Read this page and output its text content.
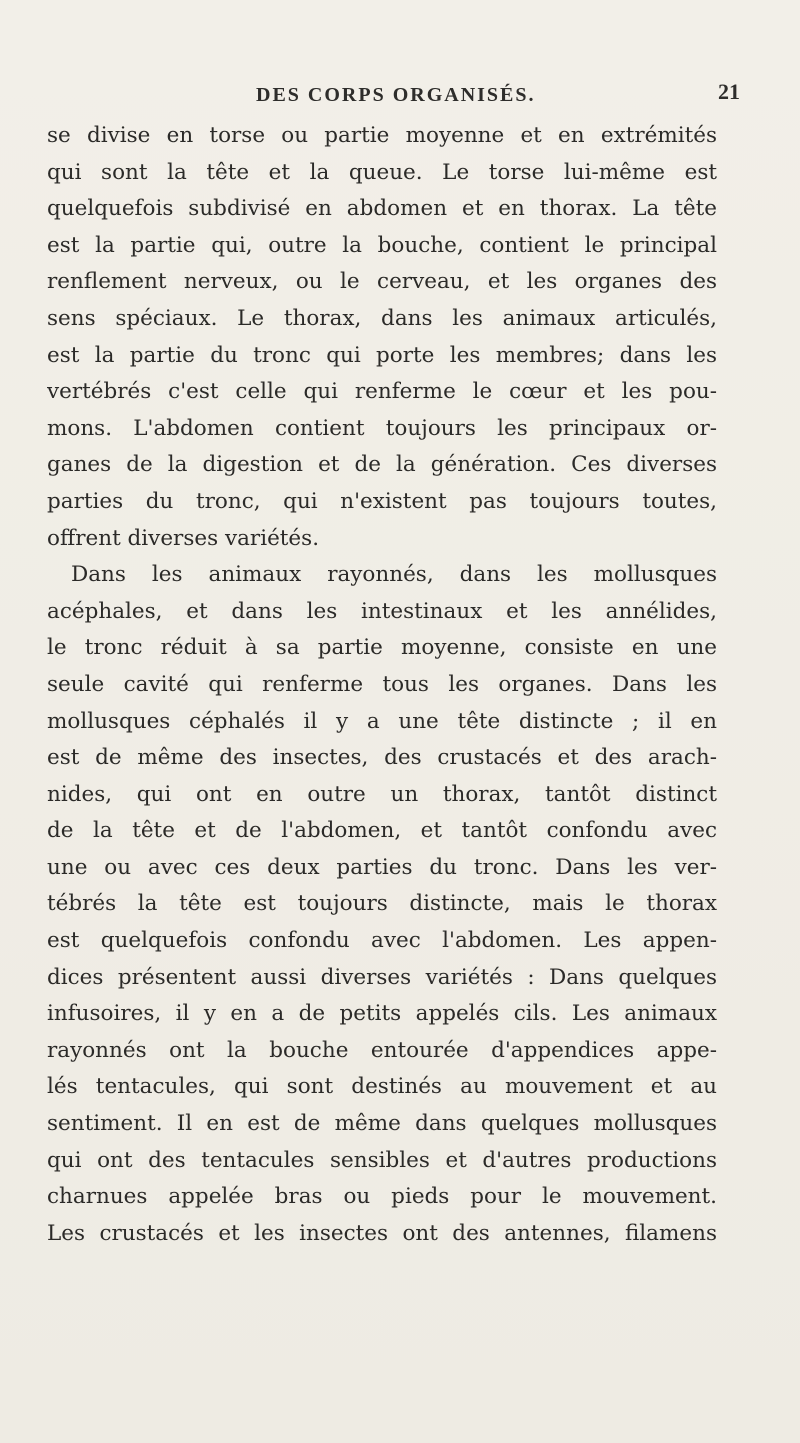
DES CORPS ORGANISÉS.	21
se divise en torse ou partie moyenne et en extrémités
qui sont la tête et la queue. Le torse lui-même est
quelquefois subdivisé en abdomen et en thorax. La tête
est la partie qui, outre la bouche, contient le principal
renflement nerveux, ou le cerveau, et les organes des
sens spéciaux. Le thorax, dans les animaux articulés,
est la partie du tronc qui porte les membres; dans les
vertébrés c'est celle qui renferme le cœur et les pou-
mons. L'abdomen contient toujours les principaux or-
ganes de la digestion et de la génération. Ces diverses
parties du tronc, qui n'existent pas toujours toutes,
offrent diverses variétés.
Dans les animaux rayonnés, dans les mollusques
acéphales, et dans les intestinaux et les annélides,
le tronc réduit à sa partie moyenne, consiste en une
seule cavité qui renferme tous les organes. Dans les
mollusques céphalés il y a une tête distincte ; il en
est de même des insectes, des crustacés et des arach-
nides, qui ont en outre un thorax, tantôt distinct
de la tête et de l'abdomen, et tantôt confondu avec
une ou avec ces deux parties du tronc. Dans les ver-
tébrés la tête est toujours distincte, mais le thorax
est quelquefois confondu avec l'abdomen. Les appen-
dices présentent aussi diverses variétés : Dans quelques
infusoires, il y en a de petits appelés cils. Les animaux
rayonnés ont la bouche entourée d'appendices appe-
lés tentacules, qui sont destinés au mouvement et au
sentiment. Il en est de même dans quelques mollusques
qui ont des tentacules sensibles et d'autres productions
charnues appelée bras ou pieds pour le mouvement.
Les crustacés et les insectes ont des antennes, filamens
